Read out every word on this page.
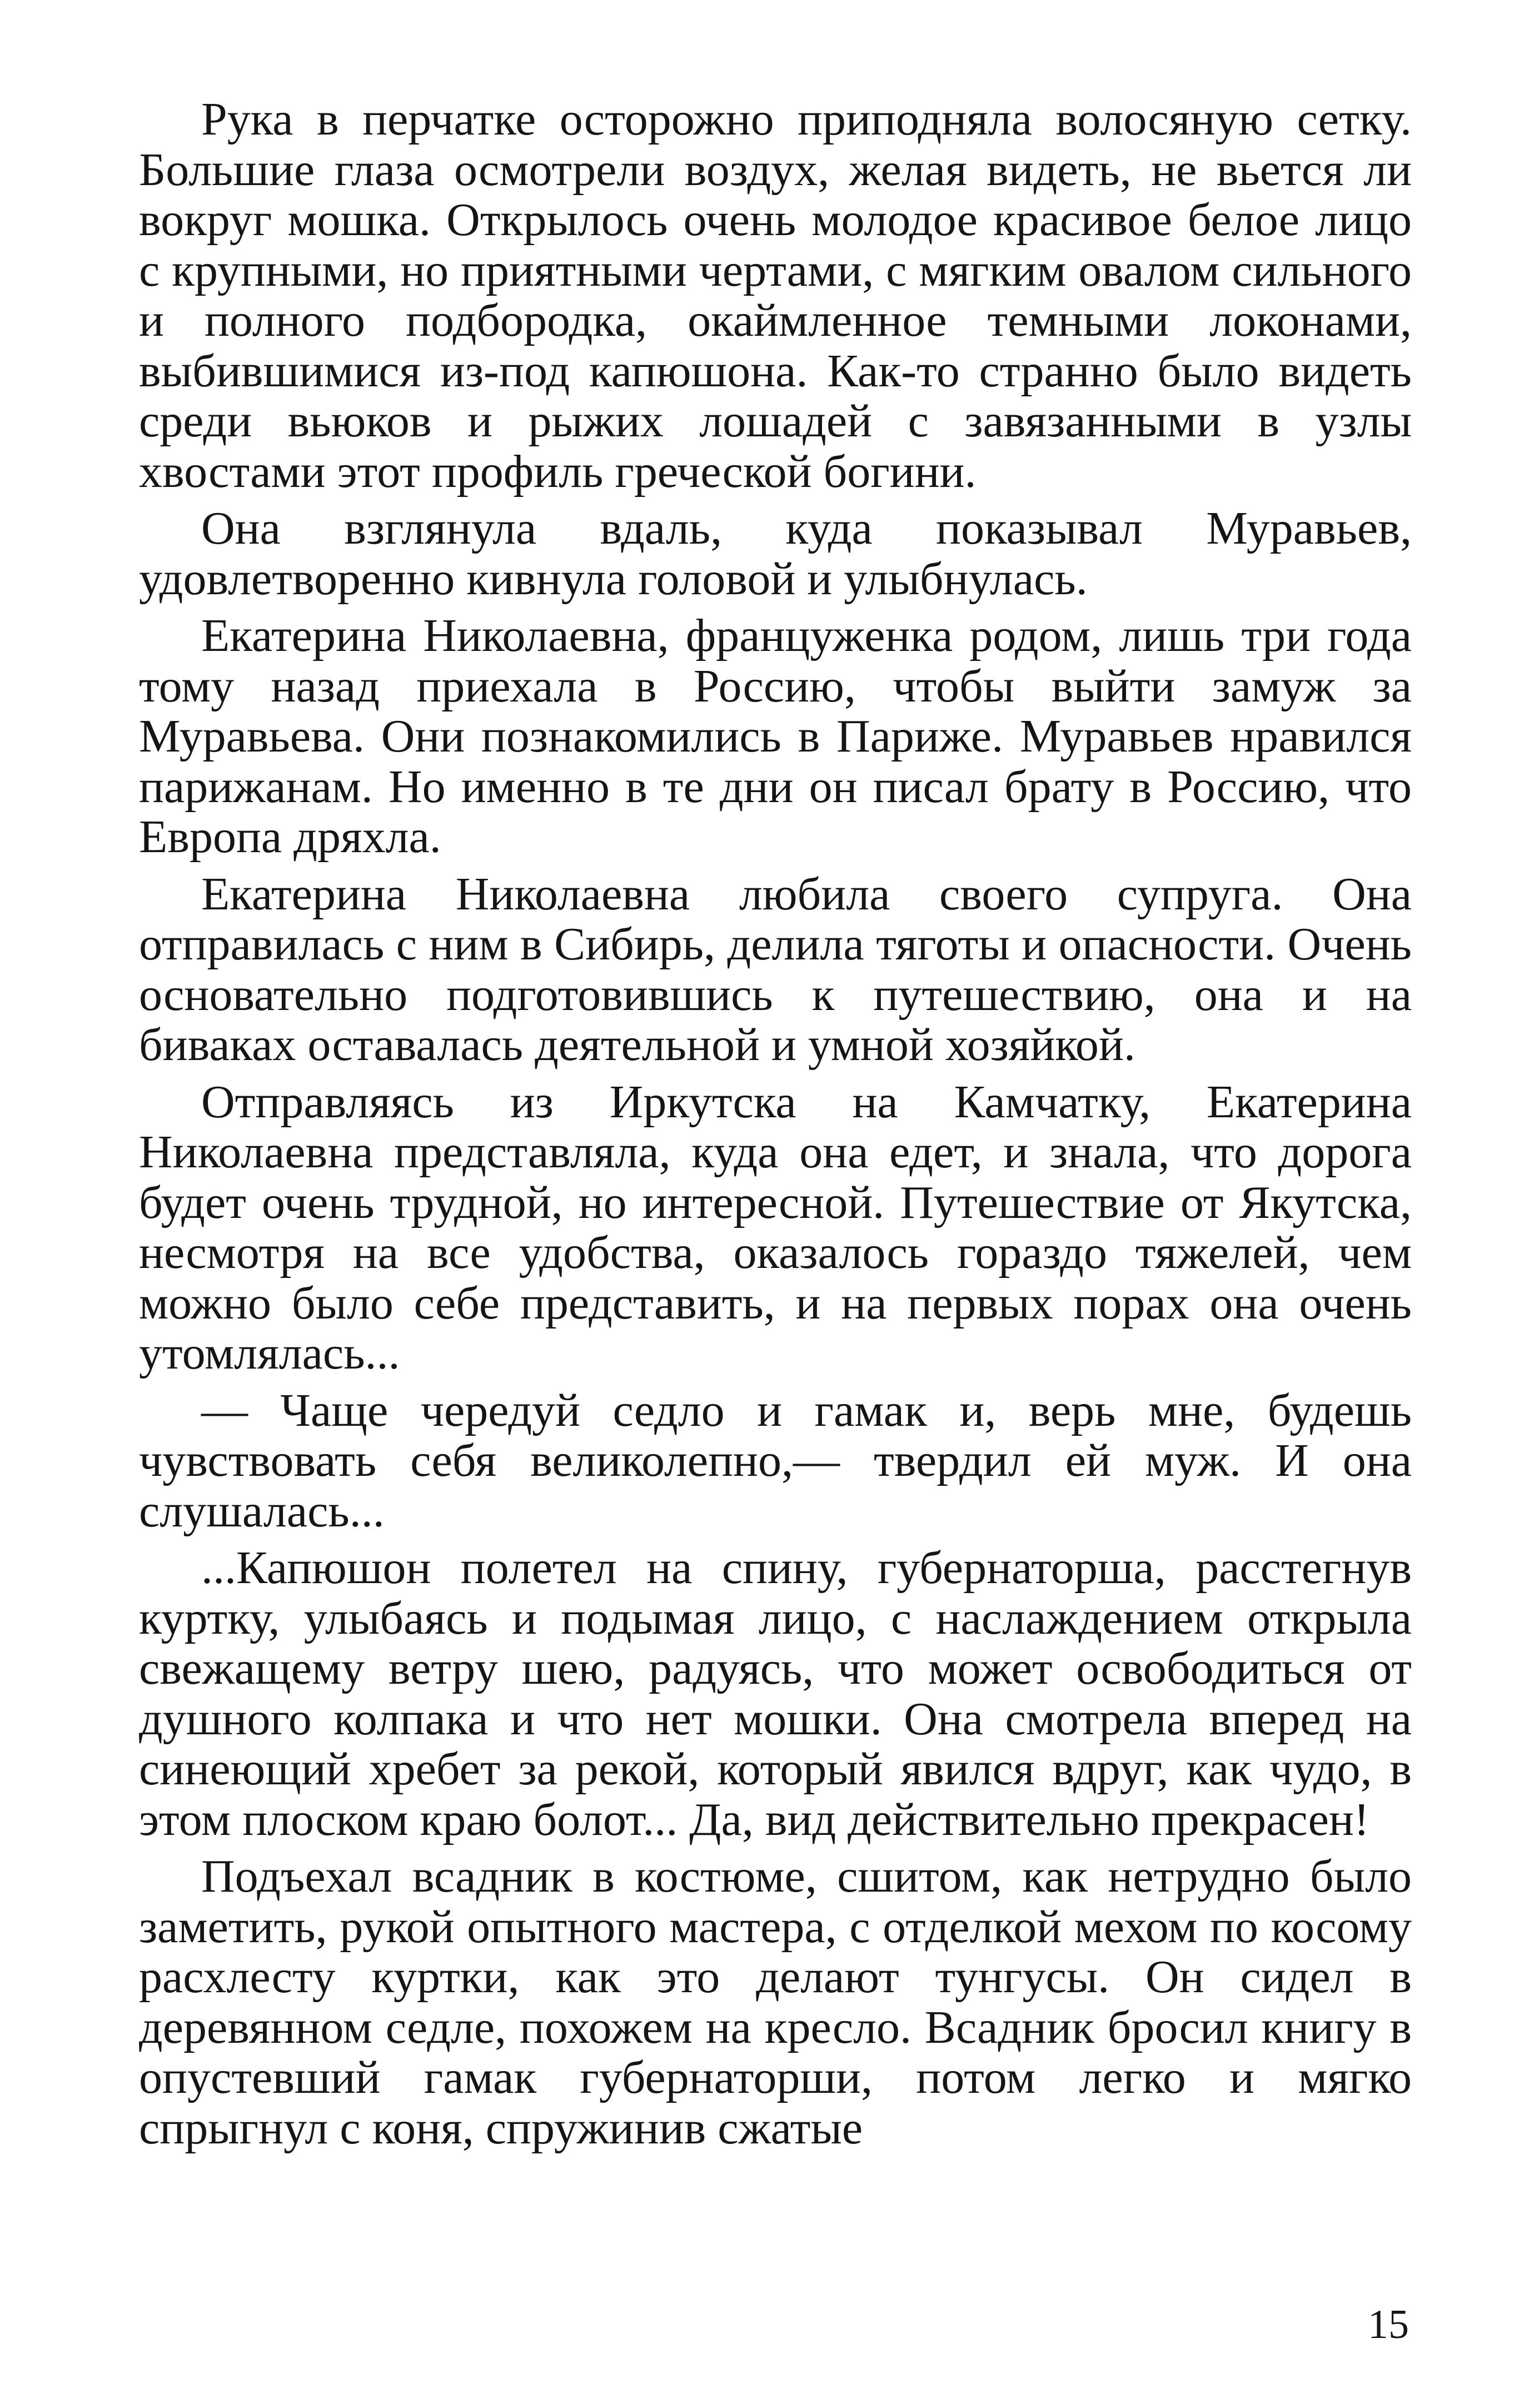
Рука в перчатке осторожно приподняла волосяную сетку. Большие глаза осмотрели воздух, желая видеть, не вьется ли вокруг мошка. Открылось очень молодое красивое белое лицо с крупными, но приятными чертами, с мягким овалом сильного и полного подбородка, окаймленное темными локонами, выбившимися из-под капюшона. Как-то странно было видеть среди вьюков и рыжих лошадей с завязанными в узлы хвостами этот профиль греческой богини.

Она взглянула вдаль, куда показывал Муравьев, удовлетворенно кивнула головой и улыбнулась.

Екатерина Николаевна, француженка родом, лишь три года тому назад приехала в Россию, чтобы выйти замуж за Муравьева. Они познакомились в Париже. Муравьев нравился парижанам. Но именно в те дни он писал брату в Россию, что Европа дряхла.

Екатерина Николаевна любила своего супруга. Она отправилась с ним в Сибирь, делила тяготы и опасности. Очень основательно подготовившись к путешествию, она и на биваках оставалась деятельной и умной хозяйкой.

Отправляясь из Иркутска на Камчатку, Екатерина Николаевна представляла, куда она едет, и знала, что дорога будет очень трудной, но интересной. Путешествие от Якутска, несмотря на все удобства, оказалось гораздо тяжелей, чем можно было себе представить, и на первых порах она очень утомлялась...

— Чаще чередуй седло и гамак и, верь мне, будешь чувствовать себя великолепно,— твердил ей муж. И она слушалась...

...Капюшон полетел на спину, губернаторша, расстегнув куртку, улыбаясь и подымая лицо, с наслаждением открыла свежащему ветру шею, радуясь, что может освободиться от душного колпака и что нет мошки. Она смотрела вперед на синеющий хребет за рекой, который явился вдруг, как чудо, в этом плоском краю болот... Да, вид действительно прекрасен!

Подъехал всадник в костюме, сшитом, как нетрудно было заметить, рукой опытного мастера, с отделкой мехом по косому расхлесту куртки, как это делают тунгусы. Он сидел в деревянном седле, похожем на кресло. Всадник бросил книгу в опустевший гамак губернаторши, потом легко и мягко спрыгнул с коня, спружинив сжатые

15
